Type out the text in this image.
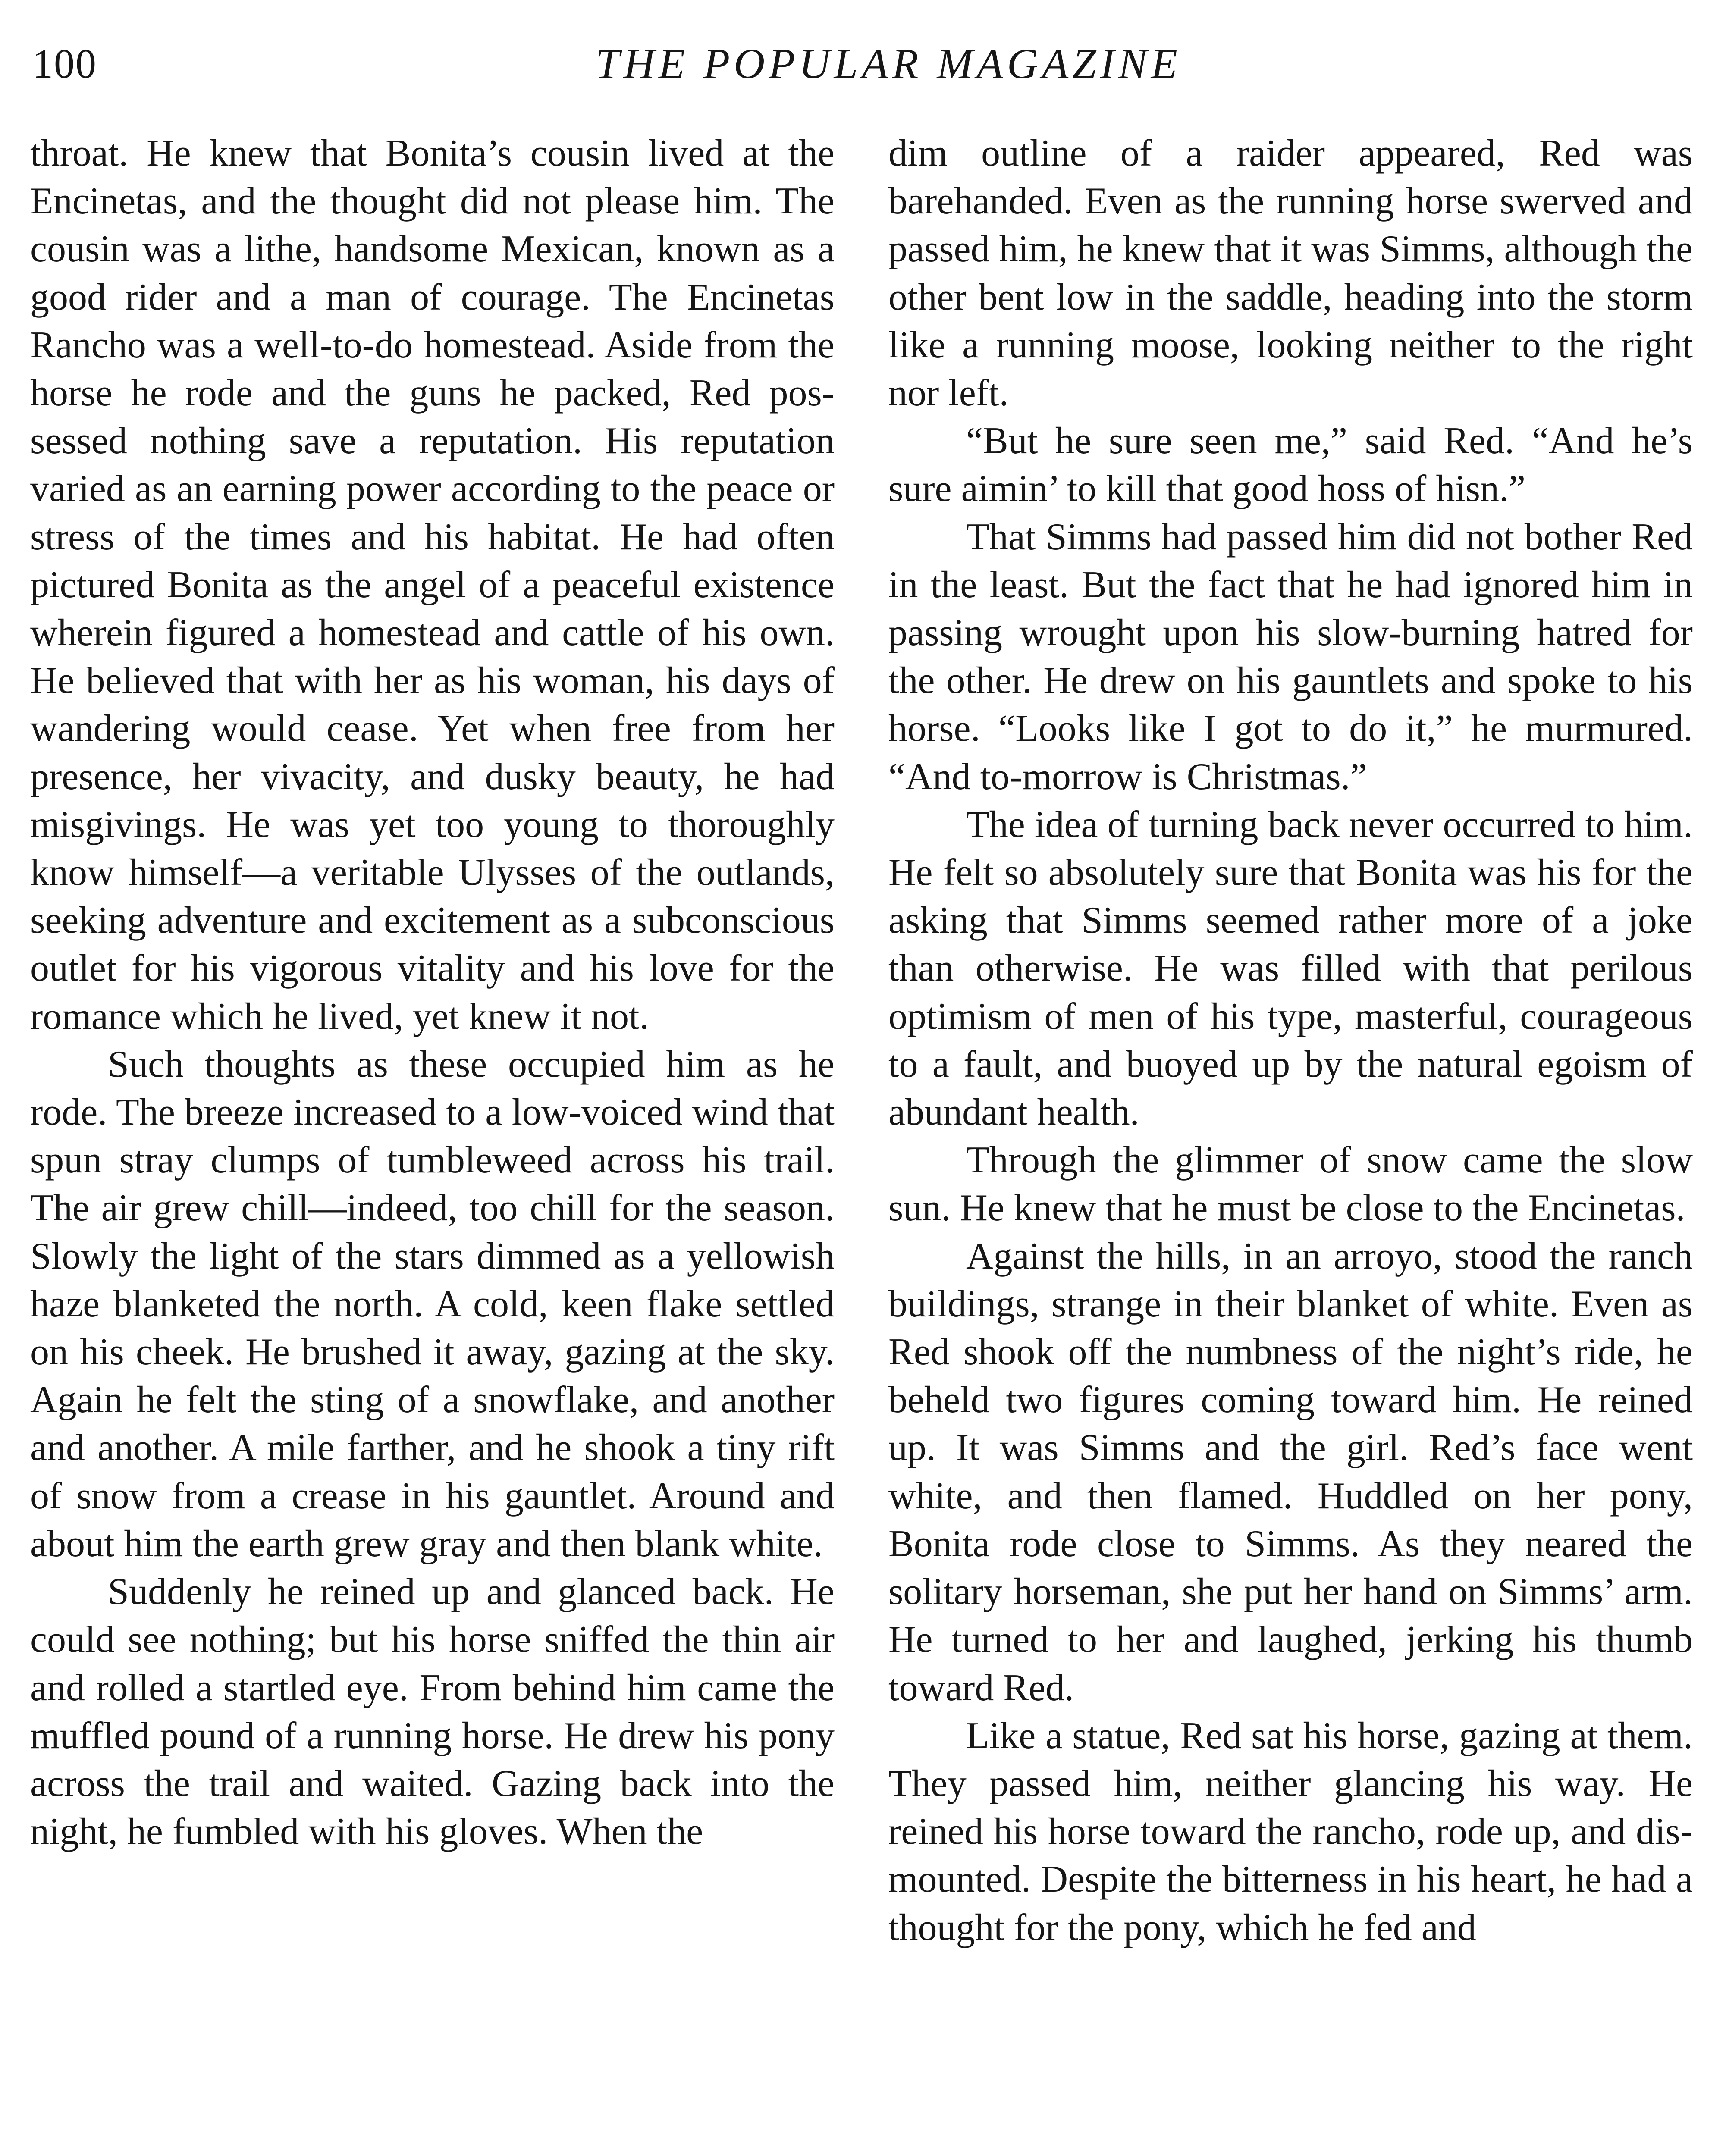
100	THE POPULAR MAGAZINE

throat. He knew that Bonita’s cousin lived at the Encinetas, and the thought did not please him. The cousin was a lithe, handsome Mexican, known as a good rider and a man of courage. The Encinetas Rancho was a well-to-do homestead. Aside from the horse he rode and the guns he packed, Red possessed nothing save a reputation. His reputation varied as an earning power according to the peace or stress of the times and his habitat. He had often pictured Bonita as the angel of a peaceful existence wherein figured a homestead and cattle of his own. He believed that with her as his woman, his days of wandering would cease. Yet when free from her presence, her vivacity, and dusky beauty, he had misgivings. He was yet too young to thoroughly know himself—a veritable Ulysses of the outlands, seeking adventure and excitement as a subconscious outlet for his vigorous vitality and his love for the romance which he lived, yet knew it not.

Such thoughts as these occupied him as he rode. The breeze increased to a low-voiced wind that spun stray clumps of tumbleweed across his trail. The air grew chill—indeed, too chill for the season. Slowly the light of the stars dimmed as a yellowish haze blanketed the north. A cold, keen flake settled on his cheek. He brushed it away, gazing at the sky. Again he felt the sting of a snowflake, and another and another. A mile farther, and he shook a tiny rift of snow from a crease in his gauntlet. Around and about him the earth grew gray and then blank white.

Suddenly he reined up and glanced back. He could see nothing; but his horse sniffed the thin air and rolled a startled eye. From behind him came the muffled pound of a running horse. He drew his pony across the trail and waited. Gazing back into the night, he fumbled with his gloves. When the

dim outline of a raider appeared, Red was barehanded. Even as the running horse swerved and passed him, he knew that it was Simms, although the other bent low in the saddle, heading into the storm like a running moose, looking neither to the right nor left.

“But he sure seen me,” said Red. “And he’s sure aimin’ to kill that good hoss of hisn.”

That Simms had passed him did not bother Red in the least. But the fact that he had ignored him in passing wrought upon his slow-burning hatred for the other. He drew on his gauntlets and spoke to his horse. “Looks like I got to do it,” he murmured. “And to-morrow is Christmas.”

The idea of turning back never occurred to him. He felt so absolutely sure that Bonita was his for the asking that Simms seemed rather more of a joke than otherwise. He was filled with that perilous optimism of men of his type, masterful, courageous to a fault, and buoyed up by the natural egoism of abundant health.

Through the glimmer of snow came the slow sun. He knew that he must be close to the Encinetas.

Against the hills, in an arroyo, stood the ranch buildings, strange in their blanket of white. Even as Red shook off the numbness of the night’s ride, he beheld two figures coming toward him. He reined up. It was Simms and the girl. Red’s face went white, and then flamed. Huddled on her pony, Bonita rode close to Simms. As they neared the solitary horseman, she put her hand on Simms’ arm. He turned to her and laughed, jerking his thumb toward Red.

Like a statue, Red sat his horse, gazing at them. They passed him, neither glancing his way. He reined his horse toward the rancho, rode up, and dismounted. Despite the bitterness in his heart, he had a thought for the pony, which he fed and
